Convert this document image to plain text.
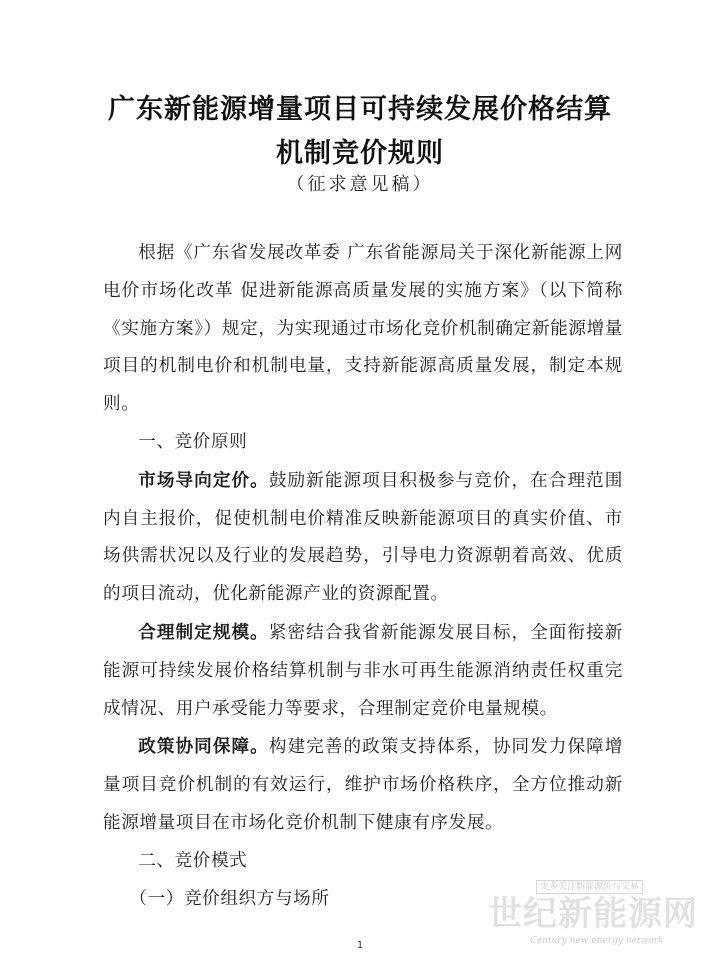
广东新能源增量项目可持续发展价格结算
机制竞价规则
（征求意见稿）

根据《广东省发展改革委 广东省能源局关于深化新能源上网电价市场化改革 促进新能源高质量发展的实施方案》（以下简称《实施方案》）规定，为实现通过市场化竞价机制确定新能源增量项目的机制电价和机制电量，支持新能源高质量发展，制定本规则。

一、竞价原则

市场导向定价。鼓励新能源项目积极参与竞价，在合理范围内自主报价，促使机制电价精准反映新能源项目的真实价值、市场供需状况以及行业的发展趋势，引导电力资源朝着高效、优质的项目流动，优化新能源产业的资源配置。

合理制定规模。紧密结合我省新能源发展目标，全面衔接新能源可持续发展价格结算机制与非水可再生能源消纳责任权重完成情况、用户承受能力等要求，合理制定竞价电量规模。

政策协同保障。构建完善的政策支持体系，协同发力保障增量项目竞价机制的有效运行，维护市场价格秩序，全方位推动新能源增量项目在市场化竞价机制下健康有序发展。

二、竞价模式

（一）竞价组织方与场所

更多关注新能源价与交易
世纪新能源网
Century new energy network
1
